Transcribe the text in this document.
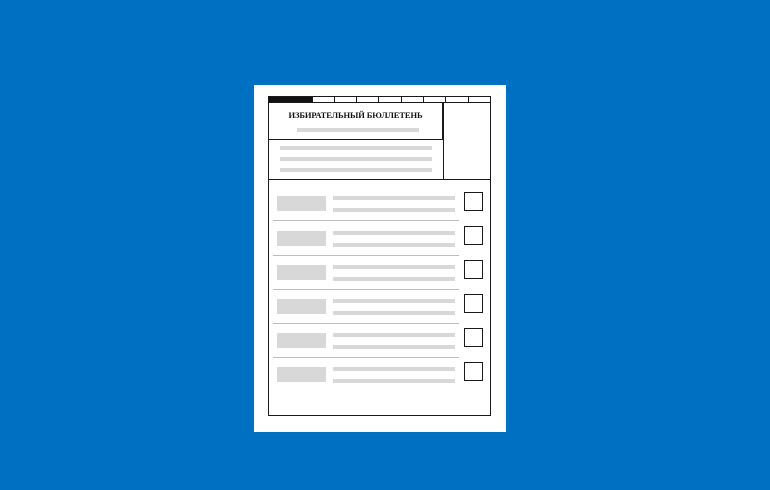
ИЗБИРАТЕЛЬНЫЙ БЮЛЛЕТЕНЬ
